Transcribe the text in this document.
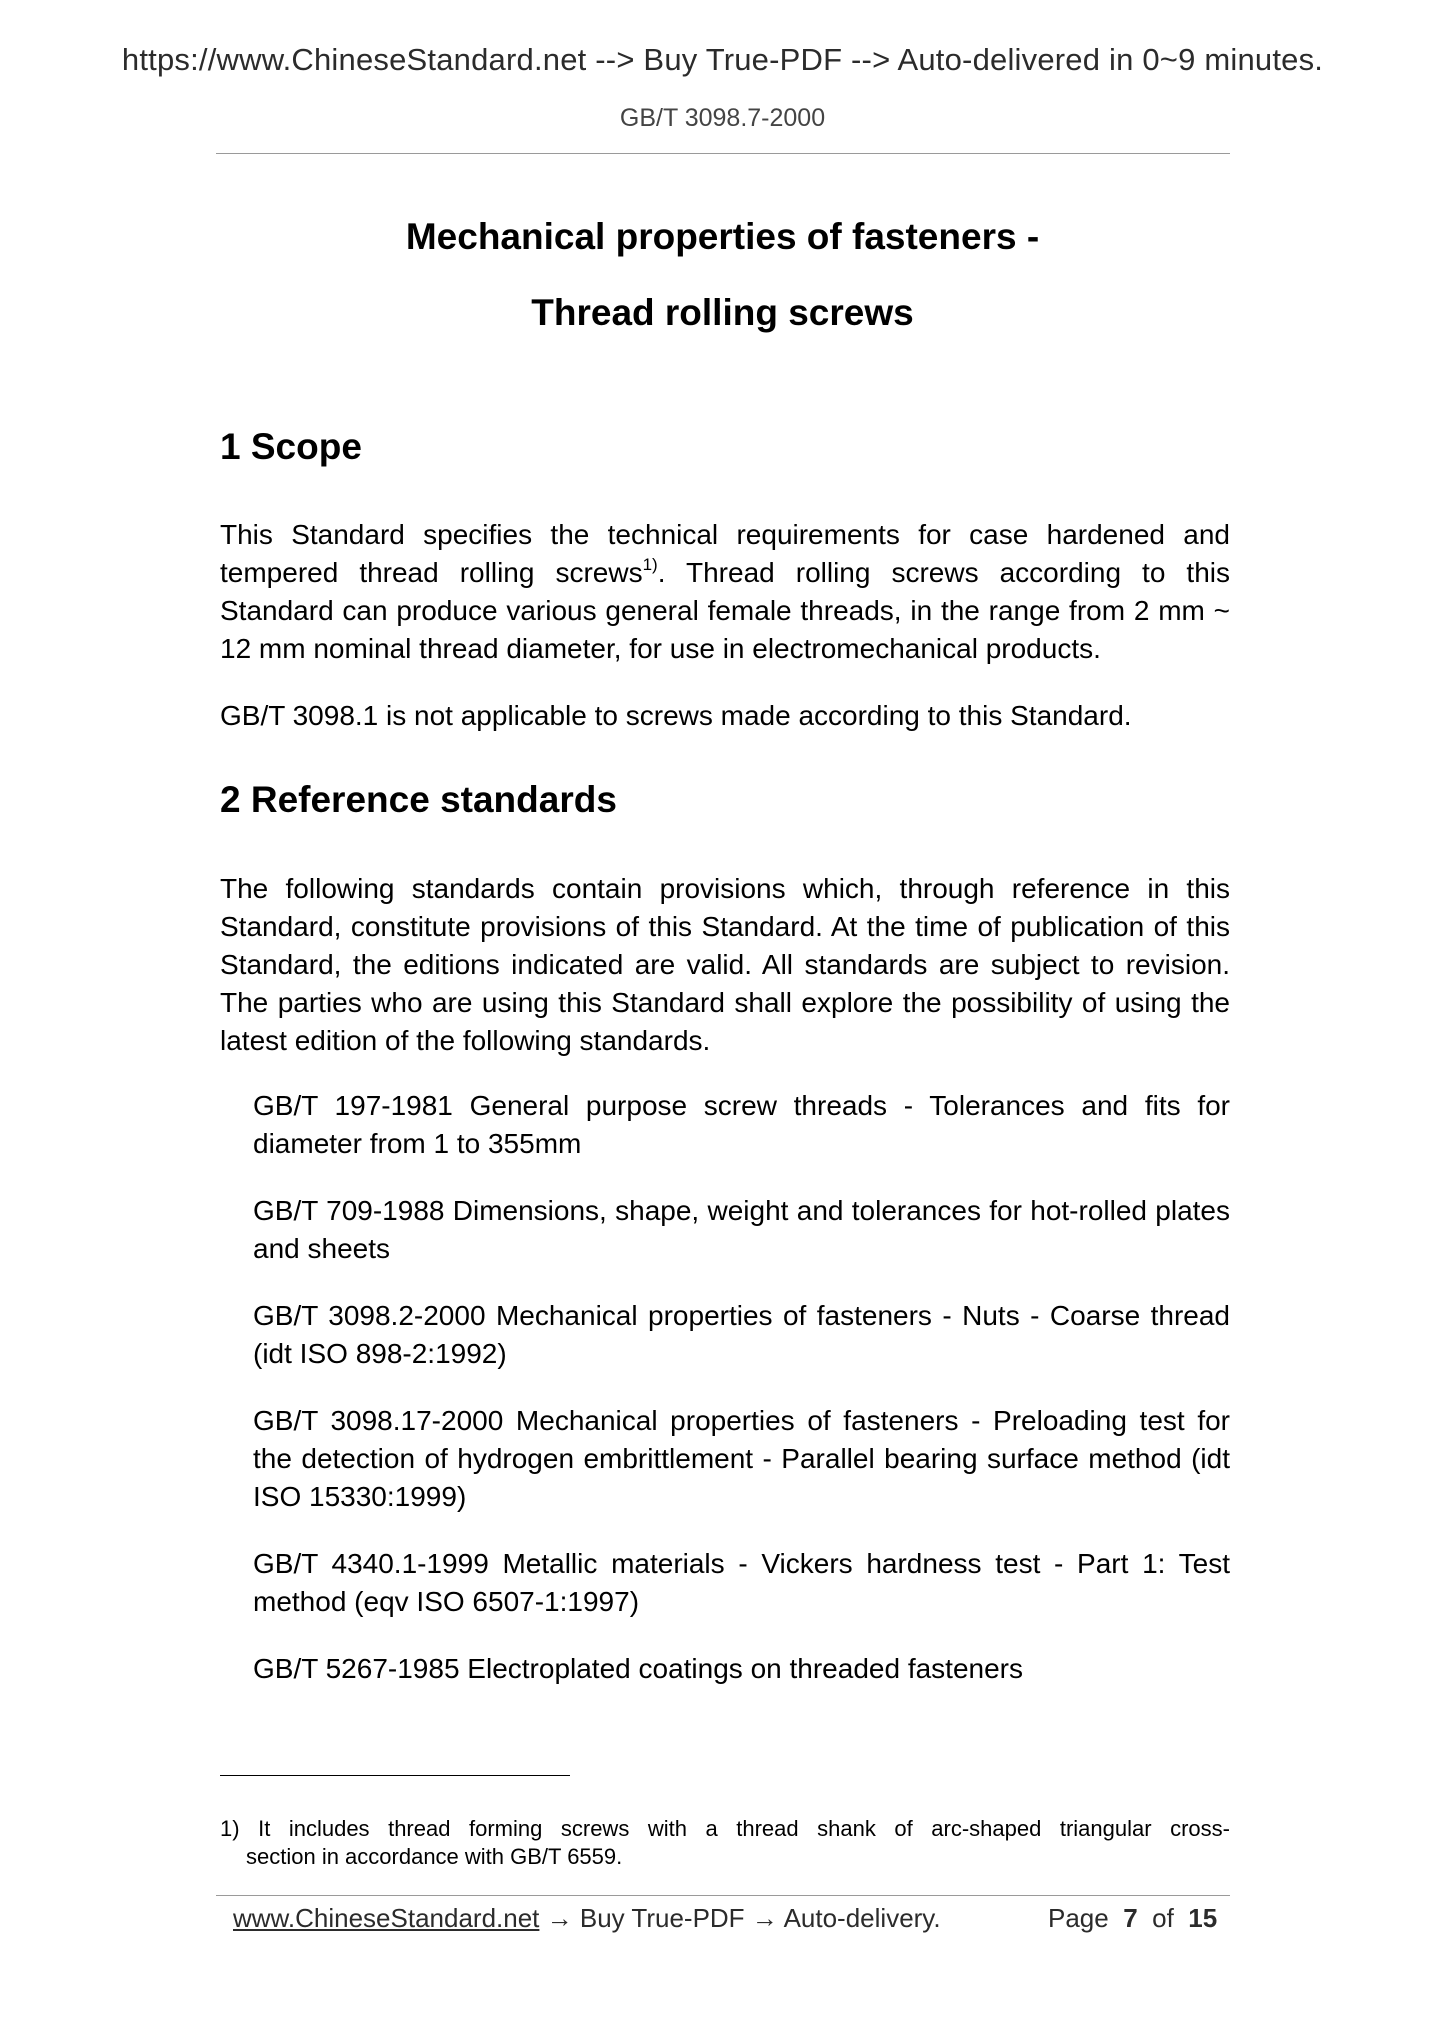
https://www.ChineseStandard.net --> Buy True-PDF --> Auto-delivered in 0~9 minutes.
GB/T 3098.7-2000
Mechanical properties of fasteners -
Thread rolling screws
1 Scope
This Standard specifies the technical requirements for case hardened and tempered thread rolling screws$^{1)}$. Thread rolling screws according to this Standard can produce various general female threads, in the range from 2 mm ~ 12 mm nominal thread diameter, for use in electromechanical products.
GB/T 3098.1 is not applicable to screws made according to this Standard.
2 Reference standards
The following standards contain provisions which, through reference in this Standard, constitute provisions of this Standard. At the time of publication of this Standard, the editions indicated are valid. All standards are subject to revision. The parties who are using this Standard shall explore the possibility of using the latest edition of the following standards.
GB/T 197-1981 General purpose screw threads - Tolerances and fits for diameter from 1 to 355mm
GB/T 709-1988 Dimensions, shape, weight and tolerances for hot-rolled plates and sheets
GB/T 3098.2-2000 Mechanical properties of fasteners - Nuts - Coarse thread (idt ISO 898-2:1992)
GB/T 3098.17-2000 Mechanical properties of fasteners - Preloading test for the detection of hydrogen embrittlement - Parallel bearing surface method (idt ISO 15330:1999)
GB/T 4340.1-1999 Metallic materials - Vickers hardness test - Part 1: Test method (eqv ISO 6507-1:1997)
GB/T 5267-1985 Electroplated coatings on threaded fasteners
1) It includes thread forming screws with a thread shank of arc-shaped triangular cross-
section in accordance with GB/T 6559.
www.ChineseStandard.net → Buy True-PDF → Auto-delivery.	Page 7 of 15
